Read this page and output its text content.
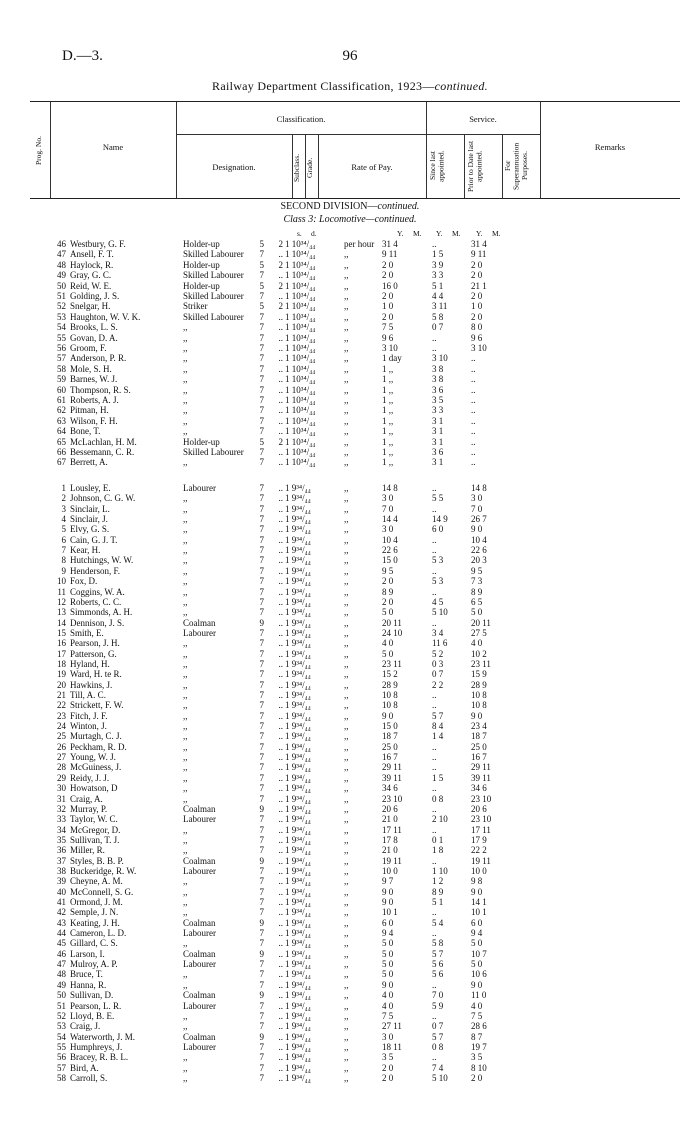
D.—3.	96
Railway Department Classification, 1923—continued.
Prog. No.	Name
Classification.
Designation.	Subclass. Grade.	Rate of Pay.
Service.
Since last appointed.	Prior to Date last appointed.	For Superannuation Purposes.
Remarks
SECOND DIVISION—continued.
Class 3: Locomotive—continued.
s. d.	Y. M. Y. M. Y. M.
46 Westbury, G. F.	Holder-up	5	2 1 10³⁴/₄₄	per hour 31 4	..	31 4
47 Ansell, F. T.	Skilled Labourer	7	.. 1 10³⁴/₄₄	,,	9 11	1 5	9 11
48 Haylock, R.	Holder-up	5	2 1 10³⁴/₄₄	,,	2 0	3 9	2 0
49 Gray, G. C.	Skilled Labourer	7	.. 1 10³⁴/₄₄	,,	2 0	3 3	2 0
50 Reid, W. E.	Holder-up	5	2 1 10³⁴/₄₄	,,	16 0	5 1	21 1
51 Golding, J. S.	Skilled Labourer	7	.. 1 10³⁴/₄₄	,,	2 0	4 4	2 0
52 Snelgar, H.	Striker	5	2 1 10³⁴/₄₄	,,	1 0	3 11	1 0
53 Haughton, W. V. K.	Skilled Labourer	7	.. 1 10³⁴/₄₄	,,	2 0	5 8	2 0
54 Brooks, L. S.	,,	7	.. 1 10³⁴/₄₄	,,	7 5	0 7	8 0
55 Govan, D. A.	,,	7	.. 1 10³⁴/₄₄	,,	9 6	..	9 6
56 Groom, F.	,,	7	.. 1 10³⁴/₄₄	,,	3 10	..	3 10
57 Anderson, P. R.	,,	7	.. 1 10³⁴/₄₄	,,	1 day	3 10	..
58 Mole, S. H.	,,	7	.. 1 10³⁴/₄₄	,,	1 ,,	3 8	..
59 Barnes, W. J.	,,	7	.. 1 10³⁴/₄₄	,,	1 ,,	3 8	..
60 Thompson, R. S.	,,	7	.. 1 10³⁴/₄₄	,,	1 ,,	3 6	..
61 Roberts, A. J.	,,	7	.. 1 10³⁴/₄₄	,,	1 ,,	3 5	..
62 Pitman, H.	,,	7	.. 1 10³⁴/₄₄	,,	1 ,,	3 3	..
63 Wilson, F. H.	,,	7	.. 1 10³⁴/₄₄	,,	1 ,,	3 1	..
64 Bone, T.	,,	7	.. 1 10³⁴/₄₄	,,	1 ,,	3 1	..
65 McLachlan, H. M.	Holder-up	5	2 1 10³⁴/₄₄	,,	1 ,,	3 1	..
66 Bessemann, C. R.	Skilled Labourer	7	.. 1 10³⁴/₄₄	,,	1 ,,	3 6	..
67 Berrett, A.	,,	7	.. 1 10³⁴/₄₄	,,	1 ,,	3 1	..
1 Lousley, E.	Labourer	7	.. 1 9³⁴/₄₄	,,	14 8	..	14 8
2 Johnson, C. G. W.	,,	7	.. 1 9³⁴/₄₄	,,	3 0	5 5	3 0
3 Sinclair, L.	,,	7	.. 1 9³⁴/₄₄	,,	7 0	..	7 0
4 Sinclair, J.	,,	7	.. 1 9³⁴/₄₄	,,	14 4	14 9	26 7
5 Elvy, G. S.	,,	7	.. 1 9³⁴/₄₄	,,	3 0	6 0	9 0
6 Cain, G. J. T.	,,	7	.. 1 9³⁴/₄₄	,,	10 4	..	10 4
7 Kear, H.	,,	7	.. 1 9³⁴/₄₄	,,	22 6	..	22 6
8 Hutchings, W. W.	,,	7	.. 1 9³⁴/₄₄	,,	15 0	5 3	20 3
9 Henderson, F.	,,	7	.. 1 9³⁴/₄₄	,,	9 5	..	9 5
10 Fox, D.	,,	7	.. 1 9³⁴/₄₄	,,	2 0	5 3	7 3
11 Coggins, W. A.	,,	7	.. 1 9³⁴/₄₄	,,	8 9	..	8 9
12 Roberts, C. C.	,,	7	.. 1 9³⁴/₄₄	,,	2 0	4 5	6 5
13 Simmonds, A. H.	,,	7	.. 1 9³⁴/₄₄	,,	5 0	5 10	5 0
14 Dennison, J. S.	Coalman	9	.. 1 9³⁴/₄₄	,,	20 11	..	20 11
15 Smith, E.	Labourer	7	.. 1 9³⁴/₄₄	,,	24 10	3 4	27 5
16 Pearson, J. H.	,,	7	.. 1 9³⁴/₄₄	,,	4 0	11 6	4 0
17 Patterson, G.	,,	7	.. 1 9³⁴/₄₄	,,	5 0	5 2	10 2
18 Hyland, H.	,,	7	.. 1 9³⁴/₄₄	,,	23 11	0 3	23 11
19 Ward, H. te R.	,,	7	.. 1 9³⁴/₄₄	,,	15 2	0 7	15 9
20 Hawkins, J.	,,	7	.. 1 9³⁴/₄₄	,,	28 9	2 2	28 9
21 Till, A. C.	,,	7	.. 1 9³⁴/₄₄	,,	10 8	..	10 8
22 Strickett, F. W.	,,	7	.. 1 9³⁴/₄₄	,,	10 8	..	10 8
23 Fitch, J. F.	,,	7	.. 1 9³⁴/₄₄	,,	9 0	5 7	9 0
24 Winton, J.	,,	7	.. 1 9³⁴/₄₄	,,	15 0	8 4	23 4
25 Murtagh, C. J.	,,	7	.. 1 9³⁴/₄₄	,,	18 7	1 4	18 7
26 Peckham, R. D.	,,	7	.. 1 9³⁴/₄₄	,,	25 0	..	25 0
27 Young, W. J.	,,	7	.. 1 9³⁴/₄₄	,,	16 7	..	16 7
28 McGuiness, J.	,,	7	.. 1 9³⁴/₄₄	,,	29 11	..	29 11
29 Reidy, J. J.	,,	7	.. 1 9³⁴/₄₄	,,	39 11	1 5	39 11
30 Howatson, D	,,	7	.. 1 9³⁴/₄₄	,,	34 6	..	34 6
31 Craig, A.	,,	7	.. 1 9³⁴/₄₄	,,	23 10	0 8	23 10
32 Murray, P.	Coalman	9	.. 1 9³⁴/₄₄	,,	20 6	..	20 6
33 Taylor, W. C.	Labourer	7	.. 1 9³⁴/₄₄	,,	21 0	2 10	23 10
34 McGregor, D.	,,	7	.. 1 9³⁴/₄₄	,,	17 11	..	17 11
35 Sullivan, T. J.	,,	7	.. 1 9³⁴/₄₄	,,	17 8	0 1	17 9
36 Miller, R.	,,	7	.. 1 9³⁴/₄₄	,,	21 0	1 8	22 2
37 Styles, B. B. P.	Coalman	9	.. 1 9³⁴/₄₄	,,	19 11	..	19 11
38 Buckeridge, R. W.	Labourer	7	.. 1 9³⁴/₄₄	,,	10 0	1 10	10 0
39 Cheyne, A. M.	,,	7	.. 1 9³⁴/₄₄	,,	9 7	1 2	9 8
40 McConnell, S. G.	,,	7	.. 1 9³⁴/₄₄	,,	9 0	8 9	9 0
41 Ormond, J. M.	,,	7	.. 1 9³⁴/₄₄	,,	9 0	5 1	14 1
42 Semple, J. N.	,,	7	.. 1 9³⁴/₄₄	,,	10 1	..	10 1
43 Keating, J. H.	Coalman	9	.. 1 9³⁴/₄₄	,,	6 0	5 4	6 0
44 Cameron, L. D.	Labourer	7	.. 1 9³⁴/₄₄	,,	9 4	..	9 4
45 Gillard, C. S.	,,	7	.. 1 9³⁴/₄₄	,,	5 0	5 8	5 0
46 Larson, I.	Coalman	9	.. 1 9³⁴/₄₄	,,	5 0	5 7	10 7
47 Mulroy, A. P.	Labourer	7	.. 1 9³⁴/₄₄	,,	5 0	5 6	5 0
48 Bruce, T.	,,	7	.. 1 9³⁴/₄₄	,,	5 0	5 6	10 6
49 Hanna, R.	,,	7	.. 1 9³⁴/₄₄	,,	9 0	..	9 0
50 Sullivan, D.	Coalman	9	.. 1 9³⁴/₄₄	,,	4 0	7 0	11 0
51 Pearson, L. R.	Labourer	7	.. 1 9³⁴/₄₄	,,	4 0	5 9	4 0
52 Lloyd, B. E.	,,	7	.. 1 9³⁴/₄₄	,,	7 5	..	7 5
53 Craig, J.	,,	7	.. 1 9³⁴/₄₄	,,	27 11	0 7	28 6
54 Waterworth, J. M.	Coalman	9	.. 1 9³⁴/₄₄	,,	3 0	5 7	8 7
55 Humphreys, J.	Labourer	7	.. 1 9³⁴/₄₄	,,	18 11	0 8	19 7
56 Bracey, R. B. L.	,,	7	.. 1 9³⁴/₄₄	,,	3 5	..	3 5
57 Bird, A.	,,	7	.. 1 9³⁴/₄₄	,,	2 0	7 4	8 10
58 Carroll, S.	,,	7	.. 1 9³⁴/₄₄	,,	2 0	5 10	2 0
